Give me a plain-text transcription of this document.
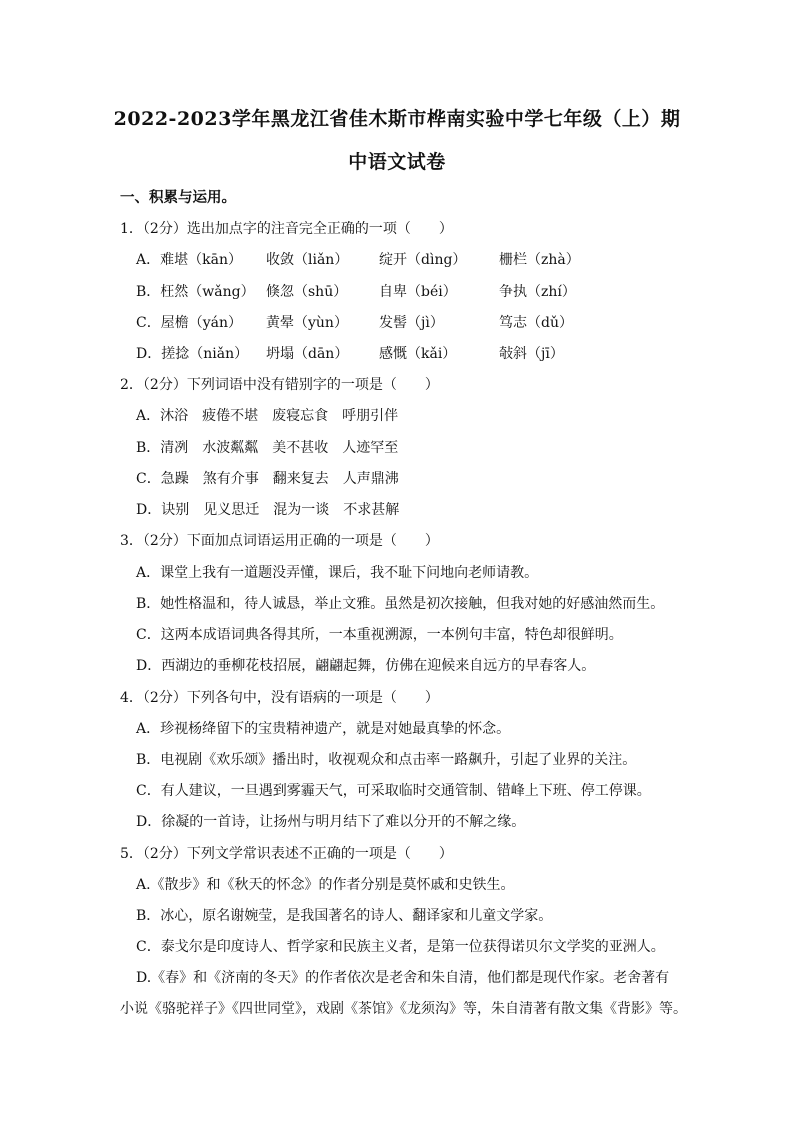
2022-2023学年黑龙江省佳木斯市桦南实验中学七年级（上）期
中语文试卷
一、积累与运用。
1．（2分）选出加点字的注音完全正确的一项（　　）
A．难堪（kān） 收敛（liǎn） 绽开（dìng） 栅栏（zhà）
B．枉然（wǎng） 倏忽（shū） 自卑（béi）	争执（zhí）
C．屋檐（yán） 黄晕（yùn） 发髻（jì）	笃志（dǔ）
D．搓捻（niǎn） 坍塌（dān） 感慨（kǎi）	敧斜（jī）
2．（2分）下列词语中没有错别字的一项是（　　）
A．沐浴　疲倦不堪　废寝忘食　呼朋引伴
B．清冽　水波粼粼　美不甚收　人迹罕至
C．急躁　煞有介事　翻来复去　人声鼎沸
D．诀别　见义思迁　混为一谈　不求甚解
3．（2分）下面加点词语运用正确的一项是（　　）
A．课堂上我有一道题没弄懂，课后，我不耻下问地向老师请教。
B．她性格温和，待人诚恳，举止文雅。虽然是初次接触，但我对她的好感油然而生。
C．这两本成语词典各得其所，一本重视溯源，一本例句丰富，特色却很鲜明。
D．西湖边的垂柳花枝招展，翩翩起舞，仿佛在迎候来自远方的早春客人。
4．（2分）下列各句中，没有语病的一项是（　　）
A．珍视杨绛留下的宝贵精神遗产，就是对她最真挚的怀念。
B．电视剧《欢乐颂》播出时，收视观众和点击率一路飙升，引起了业界的关注。
C．有人建议，一旦遇到雾霾天气，可采取临时交通管制、错峰上下班、停工停课。
D．徐凝的一首诗，让扬州与明月结下了难以分开的不解之缘。
5．（2分）下列文学常识表述不正确的一项是（　　）
A.《散步》和《秋天的怀念》的作者分别是莫怀戚和史铁生。
B．冰心，原名谢婉莹，是我国著名的诗人、翻译家和儿童文学家。
C．泰戈尔是印度诗人、哲学家和民族主义者，是第一位获得诺贝尔文学奖的亚洲人。
D.《春》和《济南的冬天》的作者依次是老舍和朱自清，他们都是现代作家。老舍著有
小说《骆驼祥子》《四世同堂》，戏剧《茶馆》《龙须沟》等，朱自清著有散文集《背影》等。
